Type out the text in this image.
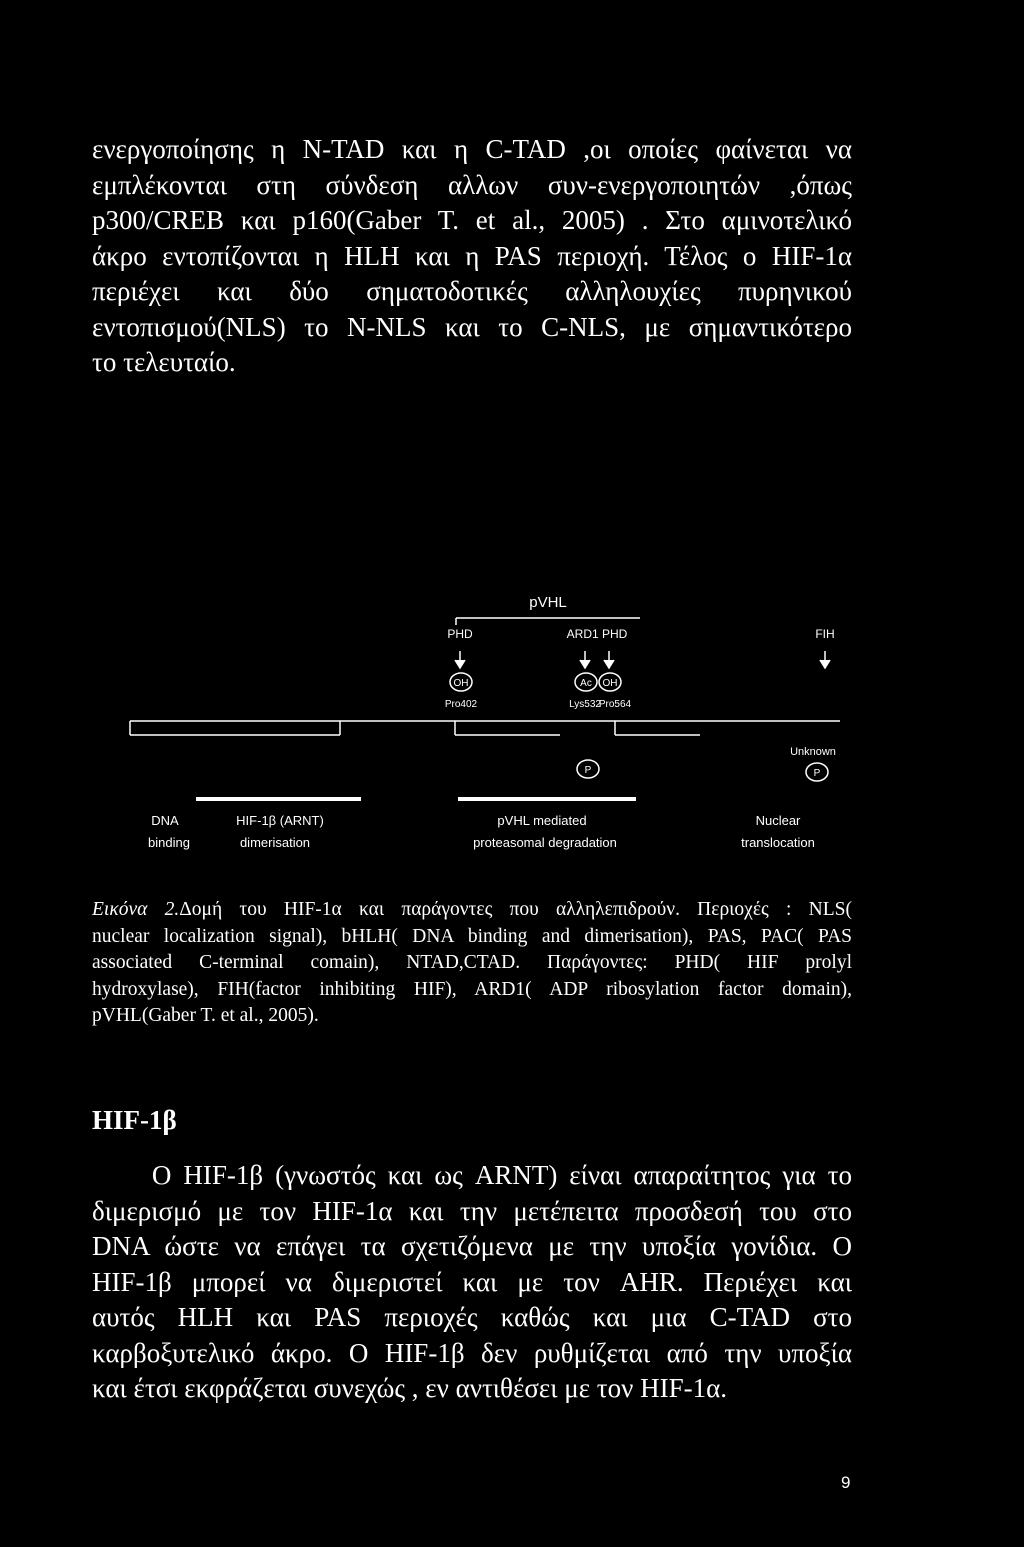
ενεργοποίησης η N-TAD και η C-TAD ,οι οποίες φαίνεται να
εμπλέκονται στη σύνδεση αλλων συν-ενεργοποιητών ,όπως
p300/CREB και p160(Gaber T. et al., 2005) . Στο αμινοτελικό
άκρο εντοπίζονται η HLH και η PAS περιοχή. Τέλος ο HIF-1α
περιέχει και δύο σηματοδοτικές αλληλουχίες πυρηνικού
εντοπισμού(NLS) το N-NLS και το C-NLS, με σημαντικότερο
το τελευταίο.
pVHL
PHD	ARD1 PHD	FIH
OH	Ac OH
Pro402	Lys532
Pro564
P
Unknown
P
DNA
binding
HIF-1β (ARNT)
dimerisation
pVHL mediated
proteasomal degradation
Nuclear
translocation
Εικόνα 2.Δομή του HIF-1α και παράγοντες που αλληλεπιδρούν. Περιοχές : NLS(
nuclear localization signal), bHLH( DNA binding and dimerisation), PAS, PAC( PAS
associated C-terminal comain), NTAD,CTAD. Παράγοντες: PHD( HIF prolyl
hydroxylase), FIH(factor inhibiting HIF), ARD1( ADP ribosylation factor domain),
pVHL(Gaber T. et al., 2005).
HIF-1β
Ο HIF-1β (γνωστός και ως ARNT) είναι απαραίτητος για το
διμερισμό με τον HIF-1α και την μετέπειτα προσδεσή του στο
DNA ώστε να επάγει τα σχετιζόμενα με την υποξία γονίδια. Ο
HIF-1β μπορεί να διμεριστεί και με τον AHR. Περιέχει και
αυτός HLH και PAS περιοχές καθώς και μια C-TAD στο
καρβοξυτελικό άκρο. Ο HIF-1β δεν ρυθμίζεται από την υποξία
και έτσι εκφράζεται συνεχώς , εν αντιθέσει με τον HIF-1α.
9
